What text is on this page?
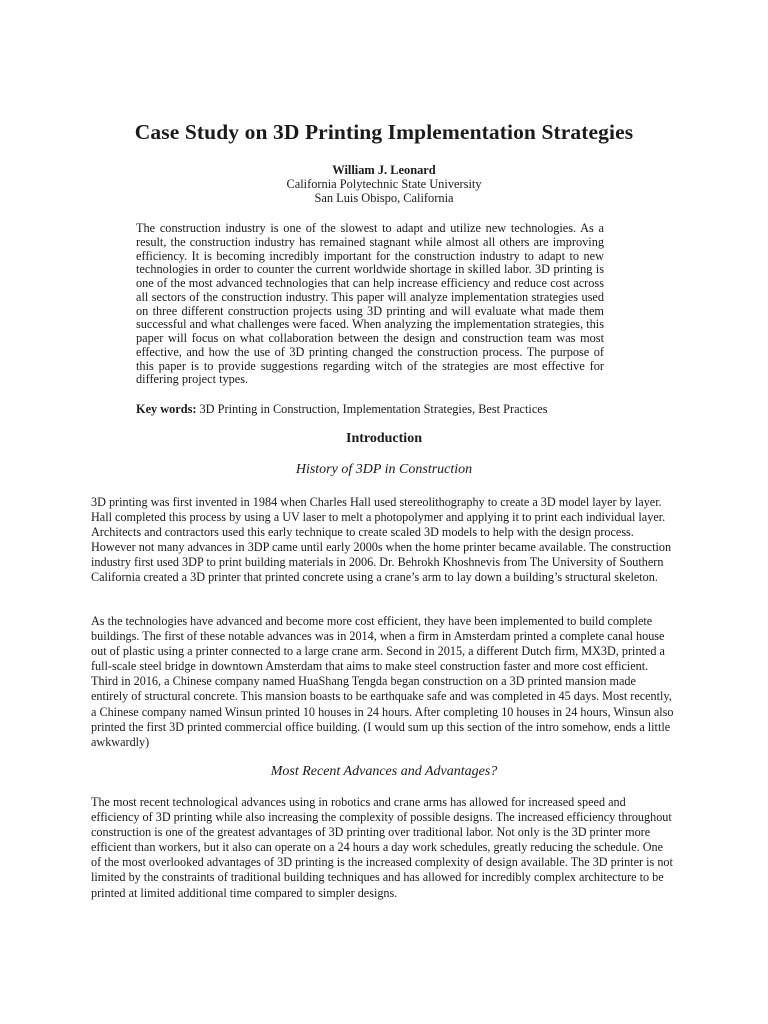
Case Study on 3D Printing Implementation Strategies
William J. Leonard
California Polytechnic State University
San Luis Obispo, California

The construction industry is one of the slowest to adapt and utilize new technologies. As a result, the construction industry has remained stagnant while almost all others are improving efficiency. It is becoming incredibly important for the construction industry to adapt to new technologies in order to counter the current worldwide shortage in skilled labor. 3D printing is one of the most advanced technologies that can help increase efficiency and reduce cost across all sectors of the construction industry. This paper will analyze implementation strategies used on three different construction projects using 3D printing and will evaluate what made them successful and what challenges were faced. When analyzing the implementation strategies, this paper will focus on what collaboration between the design and construction team was most effective, and how the use of 3D printing changed the construction process. The purpose of this paper is to provide suggestions regarding witch of the strategies are most effective for differing project types.

Key words: 3D Printing in Construction, Implementation Strategies, Best Practices

Introduction
History of 3DP in Construction

3D printing was first invented in 1984 when Charles Hall used stereolithography to create a 3D model layer by layer. Hall completed this process by using a UV laser to melt a photopolymer and applying it to print each individual layer. Architects and contractors used this early technique to create scaled 3D models to help with the design process. However not many advances in 3DP came until early 2000s when the home printer became available. The construction industry first used 3DP to print building materials in 2006. Dr. Behrokh Khoshnevis from The University of Southern California created a 3D printer that printed concrete using a crane’s arm to lay down a building’s structural skeleton.

As the technologies have advanced and become more cost efficient, they have been implemented to build complete buildings. The first of these notable advances was in 2014, when a firm in Amsterdam printed a complete canal house out of plastic using a printer connected to a large crane arm. Second in 2015, a different Dutch firm, MX3D, printed a full-scale steel bridge in downtown Amsterdam that aims to make steel construction faster and more cost efficient. Third in 2016, a Chinese company named HuaShang Tengda began construction on a 3D printed mansion made entirely of structural concrete. This mansion boasts to be earthquake safe and was completed in 45 days. Most recently, a Chinese company named Winsun printed 10 houses in 24 hours. After completing 10 houses in 24 hours, Winsun also printed the first 3D printed commercial office building. (I would sum up this section of the intro somehow, ends a little awkwardly)

Most Recent Advances and Advantages?

The most recent technological advances using in robotics and crane arms has allowed for increased speed and efficiency of 3D printing while also increasing the complexity of possible designs. The increased efficiency throughout construction is one of the greatest advantages of 3D printing over traditional labor. Not only is the 3D printer more efficient than workers, but it also can operate on a 24 hours a day work schedules, greatly reducing the schedule. One of the most overlooked advantages of 3D printing is the increased complexity of design available. The 3D printer is not limited by the constraints of traditional building techniques and has allowed for incredibly complex architecture to be printed at limited additional time compared to simpler designs.
